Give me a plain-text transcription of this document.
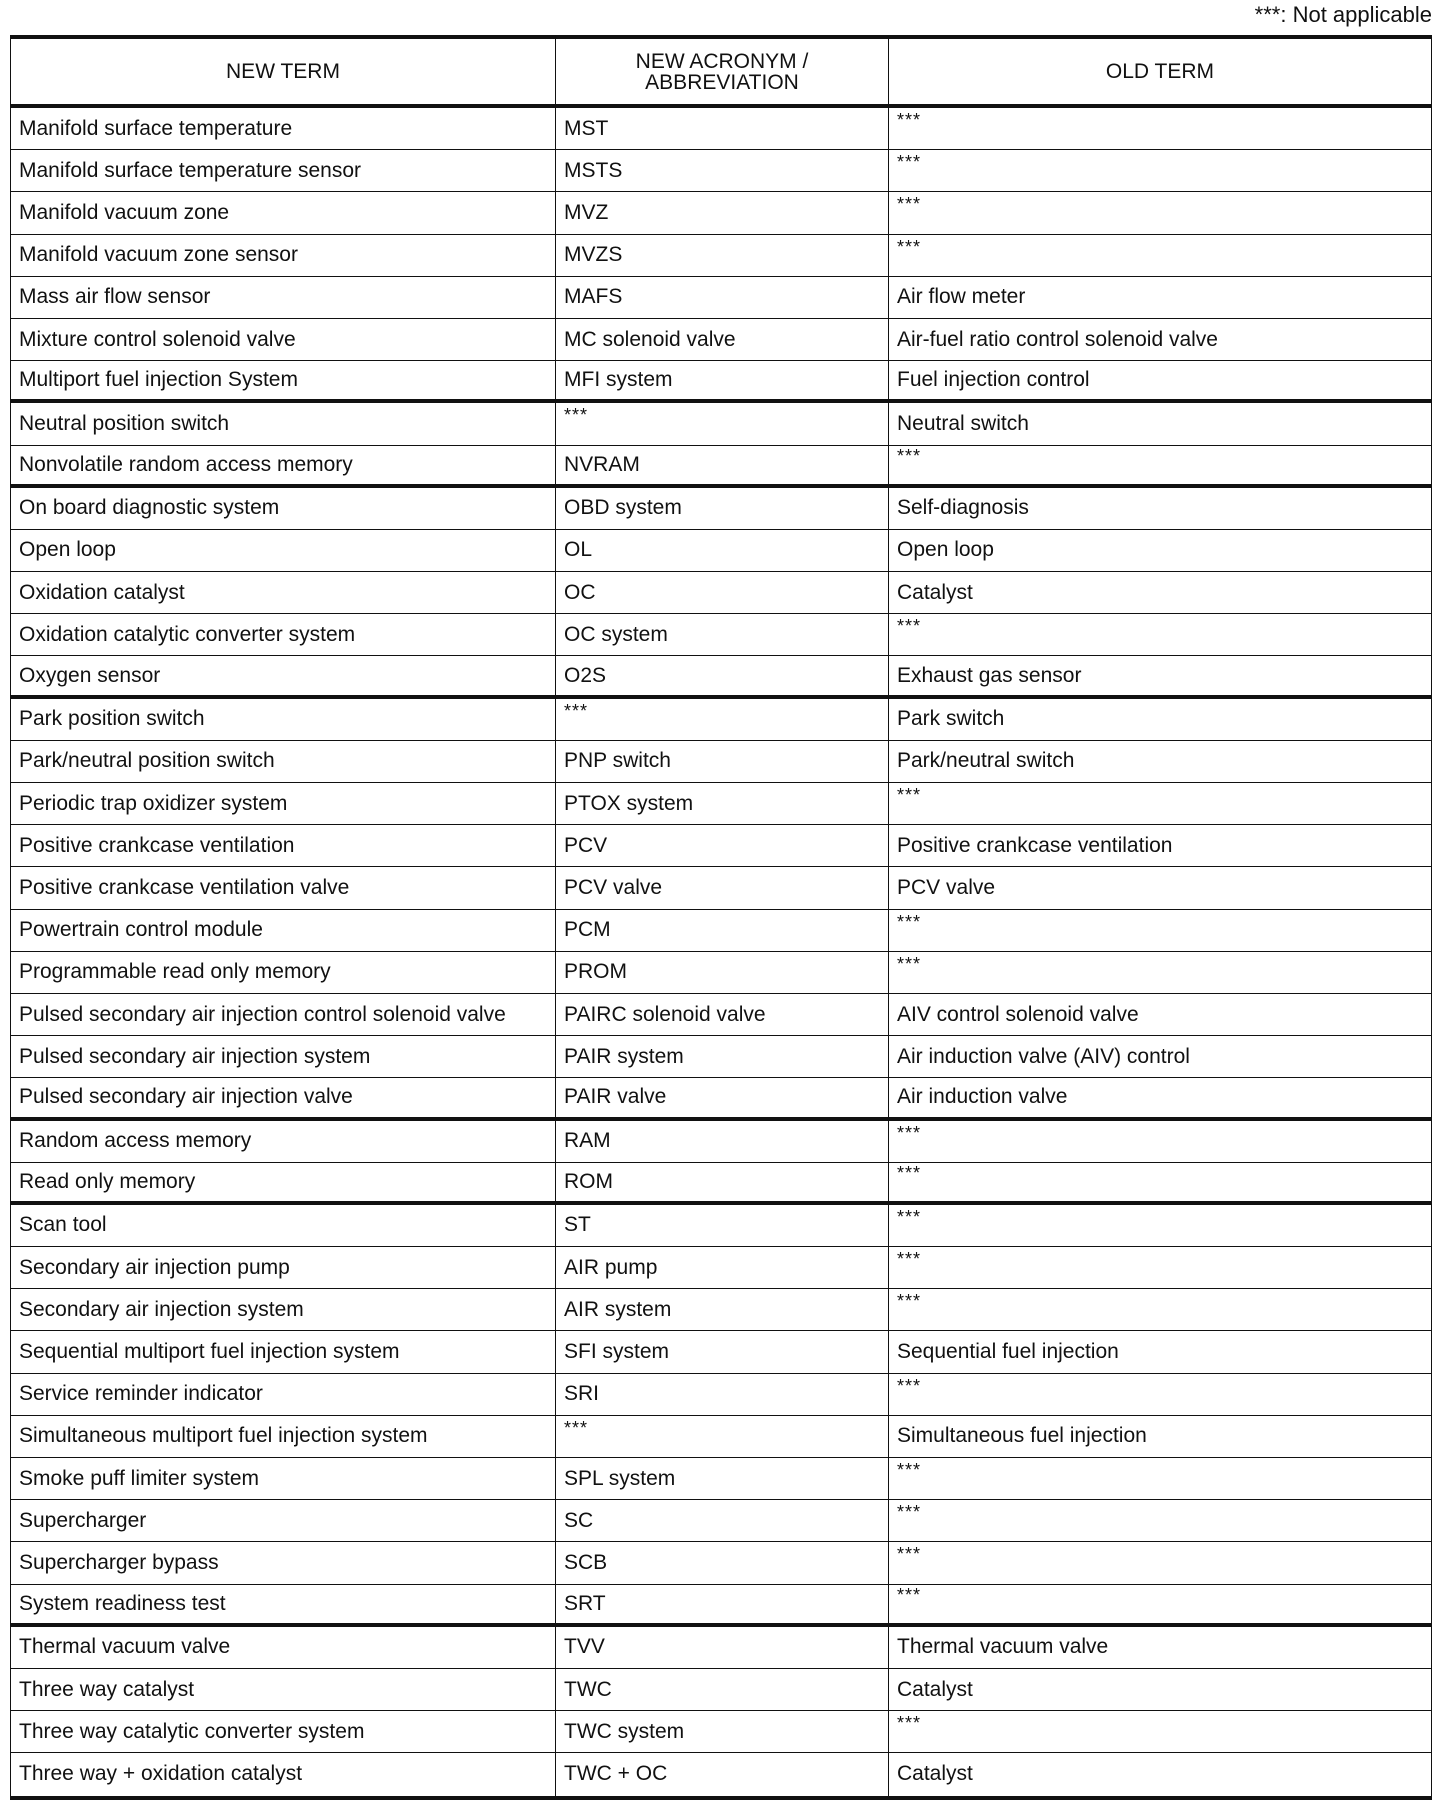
***: Not applicable
NEW TERM	NEW ACRONYM / ABBREVIATION	OLD TERM
Manifold surface temperature	MST	***
Manifold surface temperature sensor	MSTS	***
Manifold vacuum zone	MVZ	***
Manifold vacuum zone sensor	MVZS	***
Mass air flow sensor	MAFS	Air flow meter
Mixture control solenoid valve	MC solenoid valve	Air-fuel ratio control solenoid valve
Multiport fuel injection System	MFI system	Fuel injection control
Neutral position switch	***	Neutral switch
Nonvolatile random access memory	NVRAM	***
On board diagnostic system	OBD system	Self-diagnosis
Open loop	OL	Open loop
Oxidation catalyst	OC	Catalyst
Oxidation catalytic converter system	OC system	***
Oxygen sensor	O2S	Exhaust gas sensor
Park position switch	***	Park switch
Park/neutral position switch	PNP switch	Park/neutral switch
Periodic trap oxidizer system	PTOX system	***
Positive crankcase ventilation	PCV	Positive crankcase ventilation
Positive crankcase ventilation valve	PCV valve	PCV valve
Powertrain control module	PCM	***
Programmable read only memory	PROM	***
Pulsed secondary air injection control solenoid valve	PAIRC solenoid valve	AIV control solenoid valve
Pulsed secondary air injection system	PAIR system	Air induction valve (AIV) control
Pulsed secondary air injection valve	PAIR valve	Air induction valve
Random access memory	RAM	***
Read only memory	ROM	***
Scan tool	ST	***
Secondary air injection pump	AIR pump	***
Secondary air injection system	AIR system	***
Sequential multiport fuel injection system	SFI system	Sequential fuel injection
Service reminder indicator	SRI	***
Simultaneous multiport fuel injection system	***	Simultaneous fuel injection
Smoke puff limiter system	SPL system	***
Supercharger	SC	***
Supercharger bypass	SCB	***
System readiness test	SRT	***
Thermal vacuum valve	TVV	Thermal vacuum valve
Three way catalyst	TWC	Catalyst
Three way catalytic converter system	TWC system	***
Three way + oxidation catalyst	TWC + OC	Catalyst
